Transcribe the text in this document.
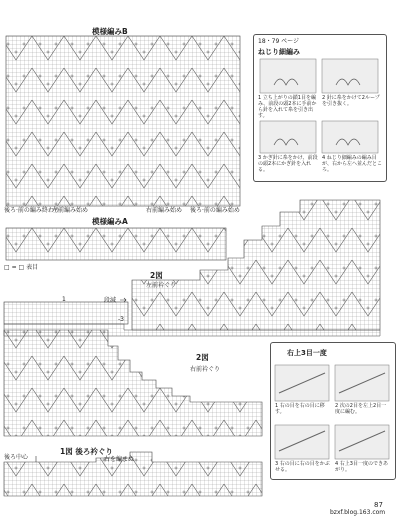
模様編みB
後ろ·前の編み終わり
左前編み始め	右前編み始め 後ろ·前の編み始め
模様編みA
□ = □ 表目
2図
左前衿ぐり
段減
1
-3
2図
右前衿ぐり
1図 後ろ衿ぐり
後ろ中心	右を編まぬ
18・79 ページ
ねじり細編み
1 立ち上がりの鎖1目を編み、前段の頭2本に手前から針を入れて糸を引き出す。
2 針に糸をかけて2ループを引き抜く。
3 かぎ針に糸をかけ、前段の頭2本にかぎ針を入れる。
4 ねじり細編みの編み目が、右から左へ並んだところ。
右上3目一度
1 右の目を右の目に移す。
2 次の2目を左上2目一度に編む。
3 右の目に右の目をかぶせる。
4 右上3目一度のできあがり。
87
bzxf.blog.163.com
